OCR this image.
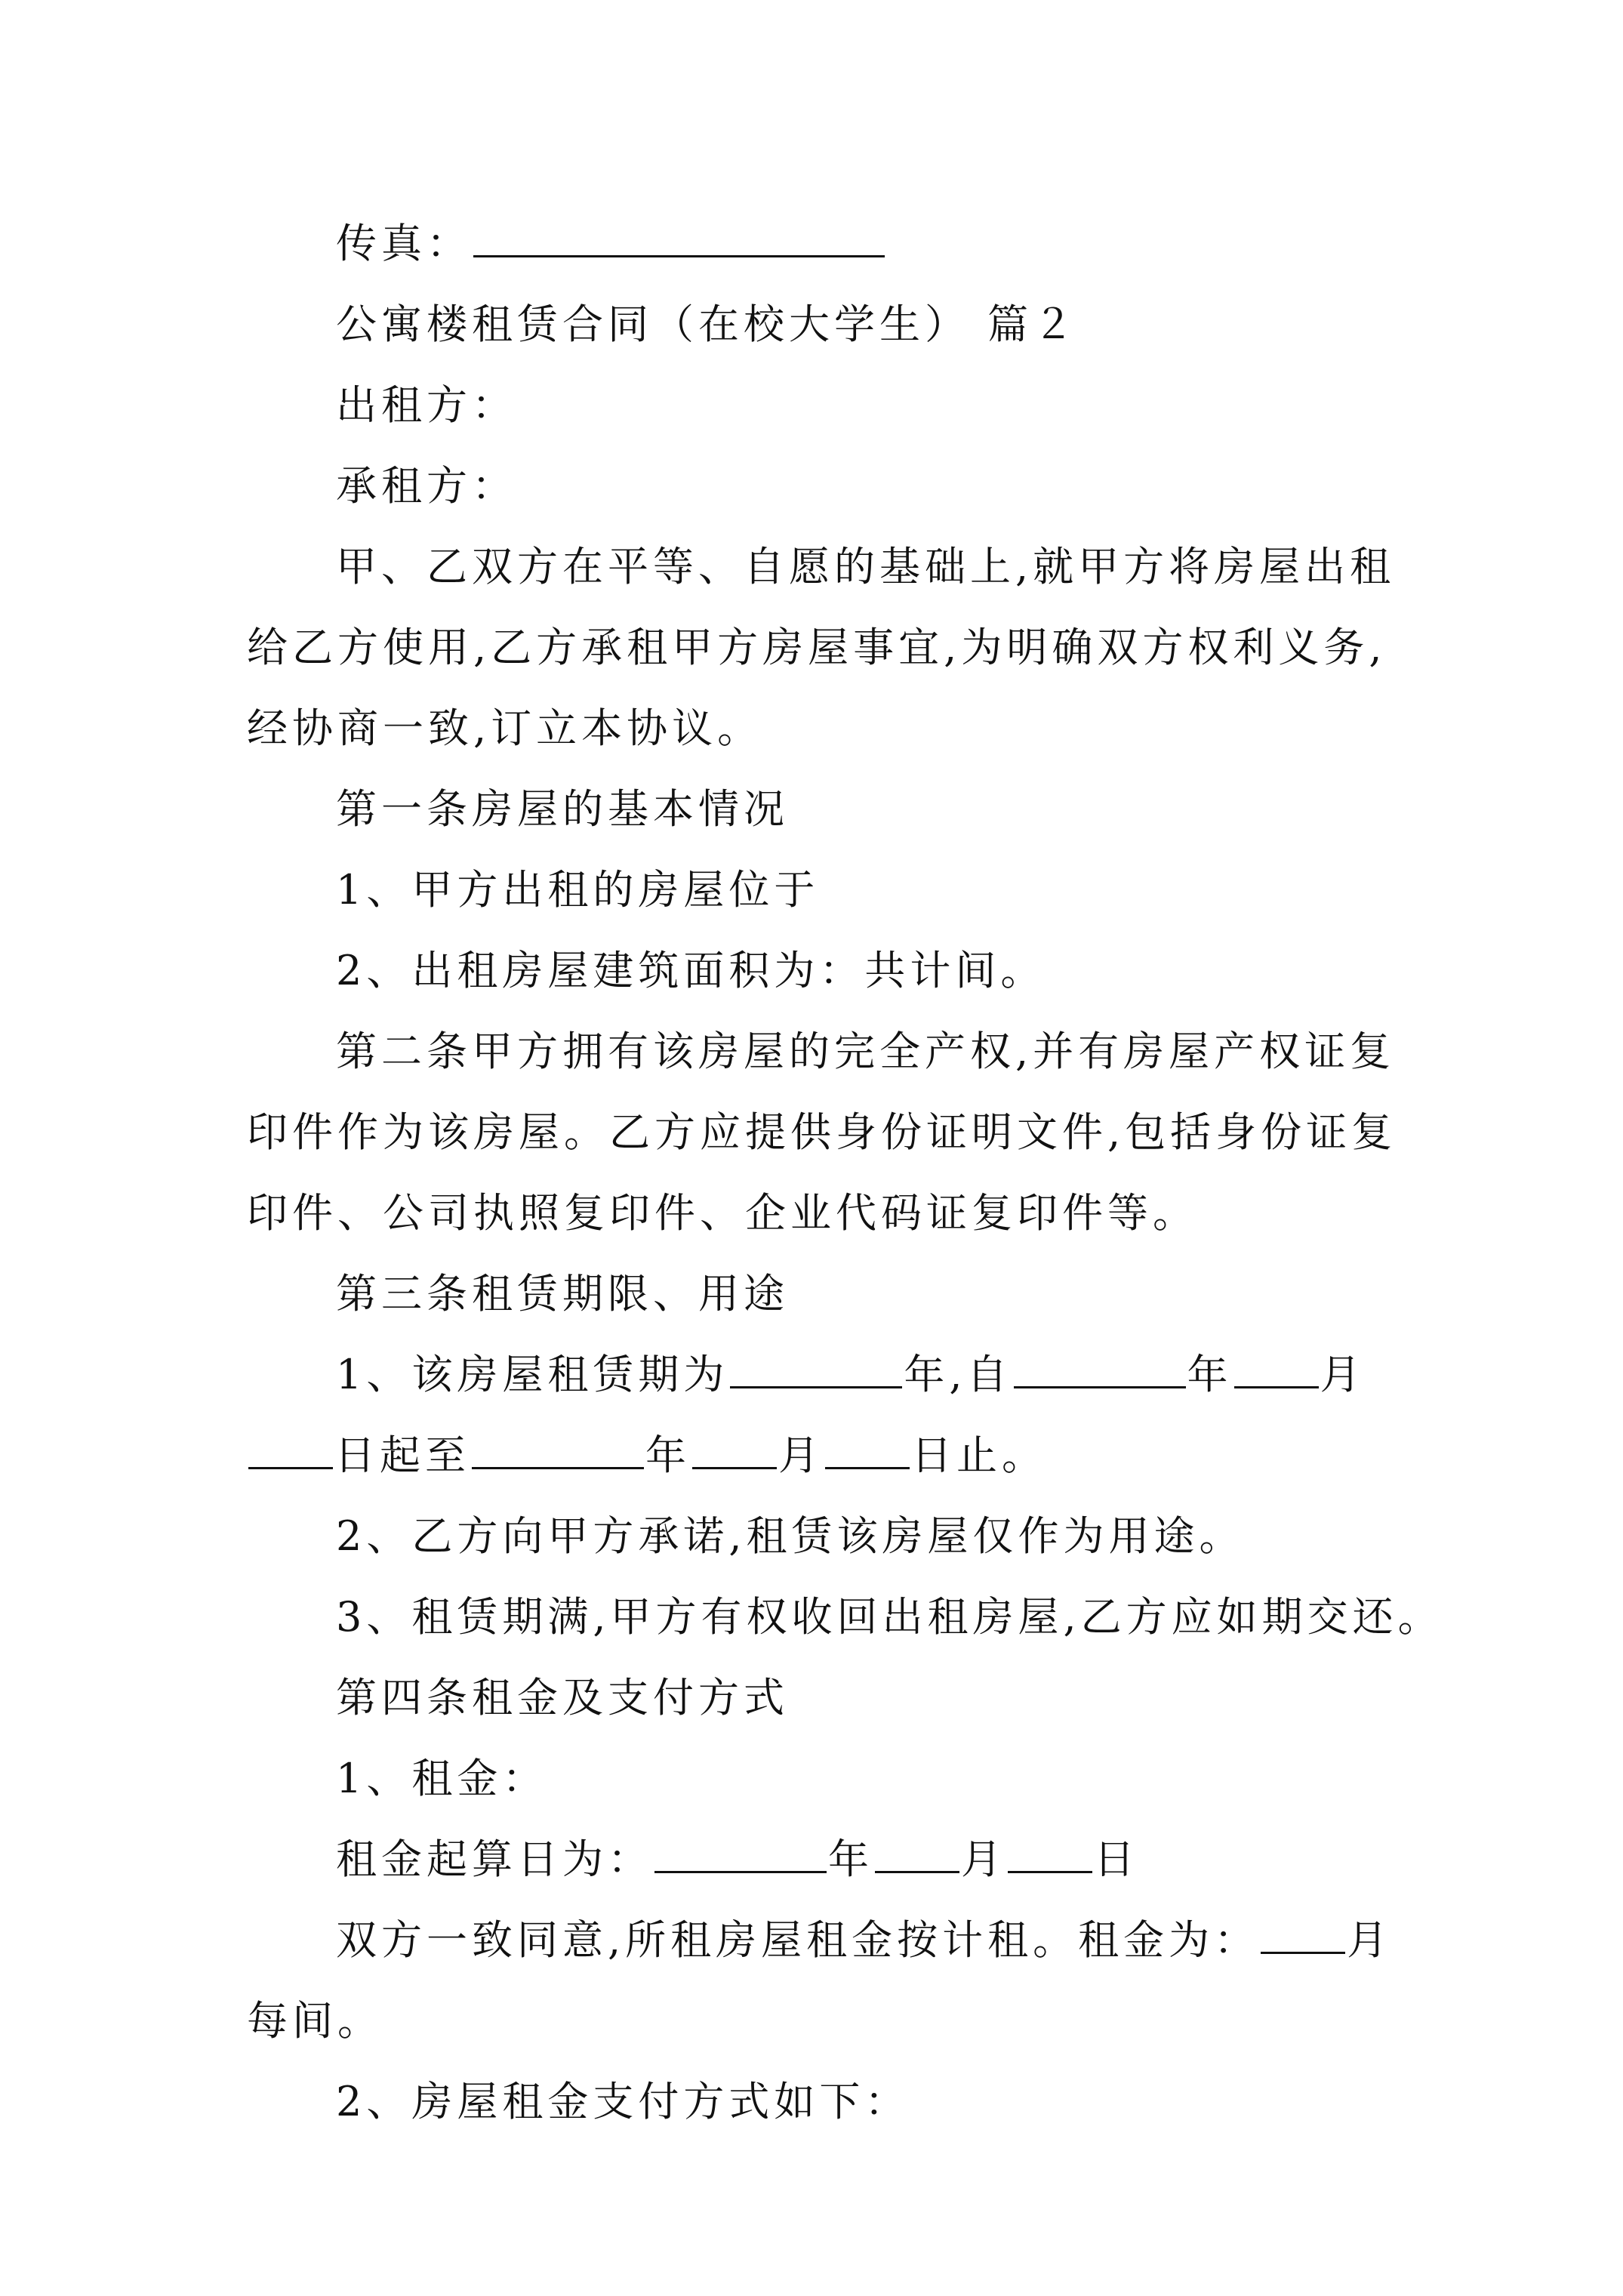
传真：
公寓楼租赁合同（在校大学生） 篇２
出租方：
承租方：
甲、乙双方在平等、自愿的基础上,就甲方将房屋出租
给乙方使用,乙方承租甲方房屋事宜,为明确双方权利义务,
经协商一致,订立本协议。
第一条房屋的基本情况
1、甲方出租的房屋位于
2、出租房屋建筑面积为：共计间。
第二条甲方拥有该房屋的完全产权,并有房屋产权证复
印件作为该房屋。乙方应提供身份证明文件,包括身份证复
印件、公司执照复印件、企业代码证复印件等。
第三条租赁期限、用途
1、该房屋租赁期为	年,自	年 月
日起至	年 月 日止。
2、乙方向甲方承诺,租赁该房屋仅作为用途。
3、租赁期满,甲方有权收回出租房屋,乙方应如期交还。
第四条租金及支付方式
1、租金：
租金起算日为：	年 月 日
双方一致同意,所租房屋租金按计租。租金为： 月
每间。
2、房屋租金支付方式如下：
